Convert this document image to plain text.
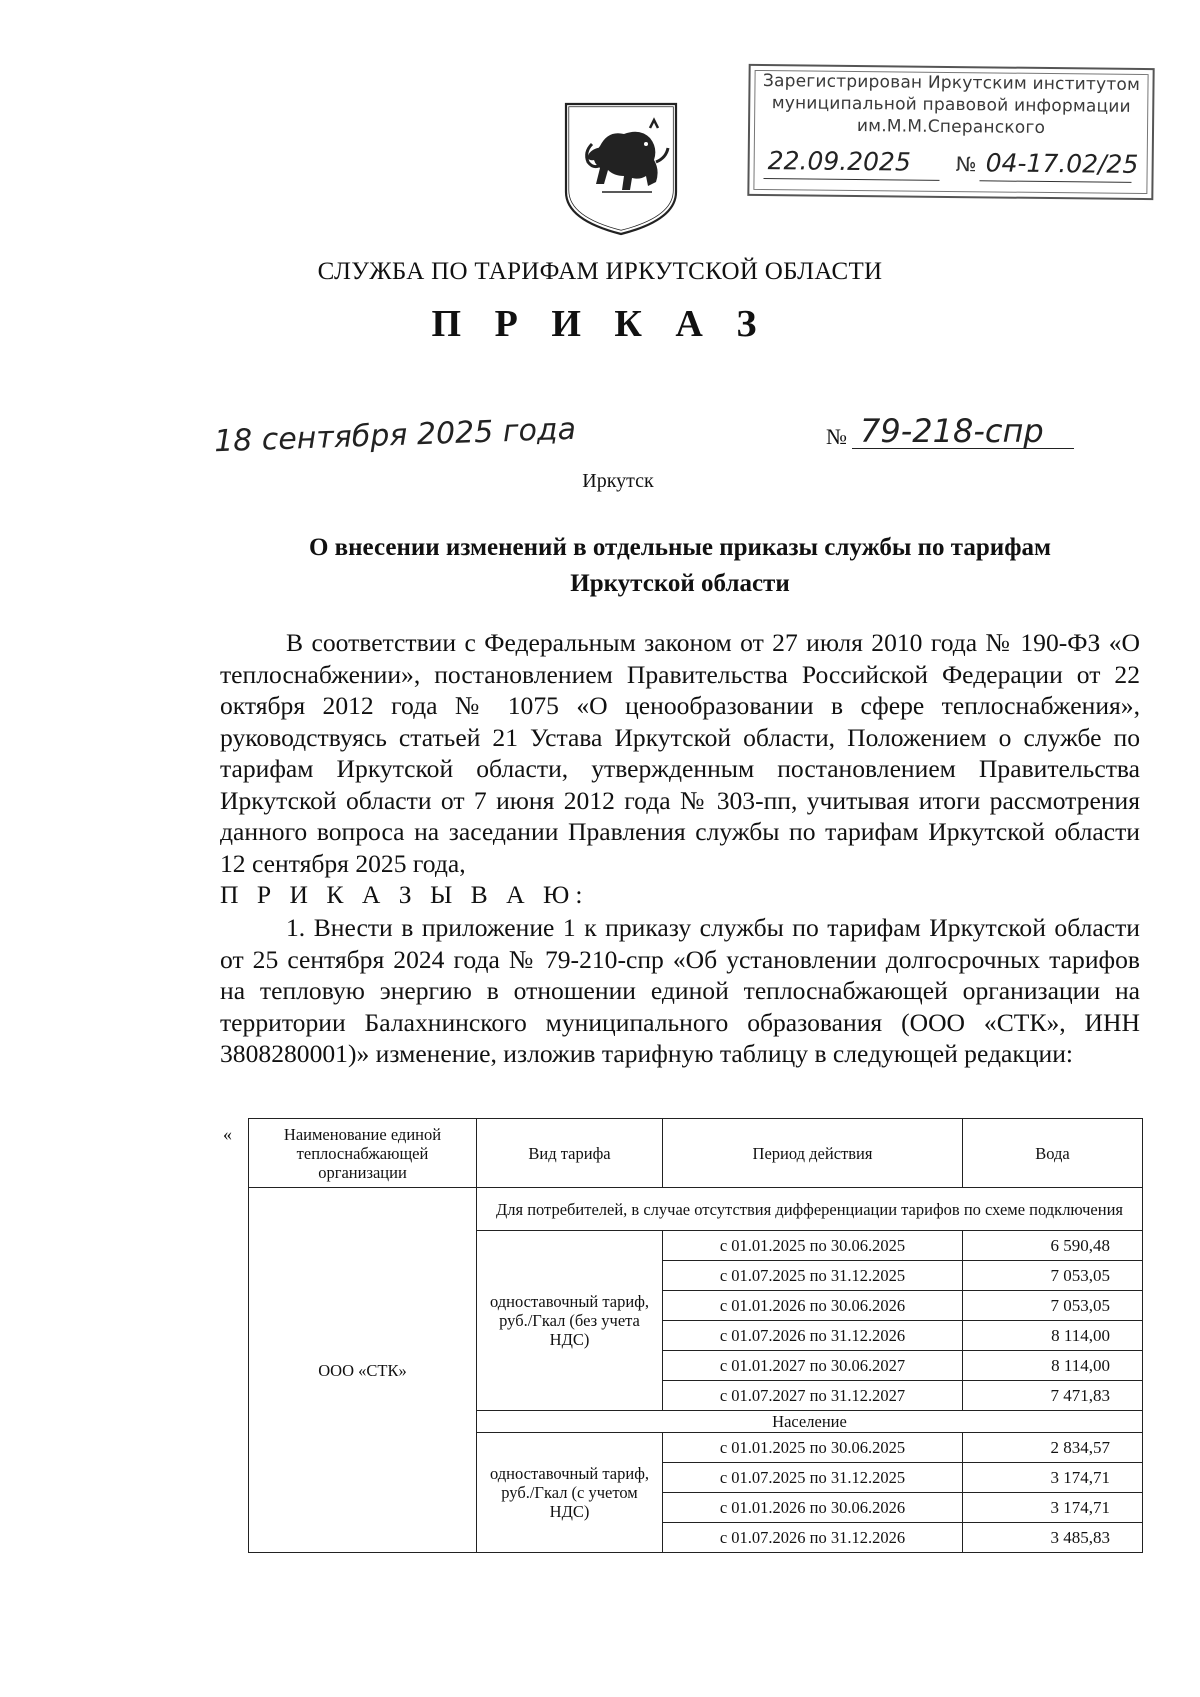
Зарегистрирован Иркутским институтом
муниципальной правовой информации
им.М.М.Сперанского
22.09.2025 № 04-17.02/25
СЛУЖБА ПО ТАРИФАМ ИРКУТСКОЙ ОБЛАСТИ
П Р И К А З
18 сентября 2025 года	№ 79-218-спр
Иркутск
О внесении изменений в отдельные приказы службы по тарифам
Иркутской области
В соответствии с Федеральным законом от 27 июля 2010 года № 190-ФЗ «О теплоснабжении», постановлением Правительства Российской Федерации от 22 октября 2012 года № 1075 «О ценообразовании в сфере теплоснабжения», руководствуясь статьей 21 Устава Иркутской области, Положением о службе по тарифам Иркутской области, утвержденным постановлением Правительства Иркутской области от 7 июня 2012 года № 303-пп, учитывая итоги рассмотрения данного вопроса на заседании Правления службы по тарифам Иркутской области 12 сентября 2025 года,
П Р И К А З Ы В А Ю:
1. Внести в приложение 1 к приказу службы по тарифам Иркутской области от 25 сентября 2024 года № 79-210-спр «Об установлении долгосрочных тарифов на тепловую энергию в отношении единой теплоснабжающей организации на территории Балахнинского муниципального образования (ООО «СТК», ИНН 3808280001)» изменение, изложив тарифную таблицу в следующей редакции:
«	Наименование единой теплоснабжающей организации	Вид тарифа	Период действия	Вода
ООО «СТК»	Для потребителей, в случае отсутствия дифференциации тарифов по схеме подключения		
	одноставочный тариф, руб./Гкал (без учета НДС)	с 01.01.2025 по 30.06.2025	6 590,48
		с 01.07.2025 по 31.12.2025	7 053,05
		с 01.01.2026 по 30.06.2026	7 053,05
		с 01.07.2026 по 31.12.2026	8 114,00
		с 01.01.2027 по 30.06.2027	8 114,00
		с 01.07.2027 по 31.12.2027	7 471,83
	Население		
	одноставочный тариф, руб./Гкал (с учетом НДС)	с 01.01.2025 по 30.06.2025	2 834,57
		с 01.07.2025 по 31.12.2025	3 174,71
		с 01.01.2026 по 30.06.2026	3 174,71
		с 01.07.2026 по 31.12.2026	3 485,83
